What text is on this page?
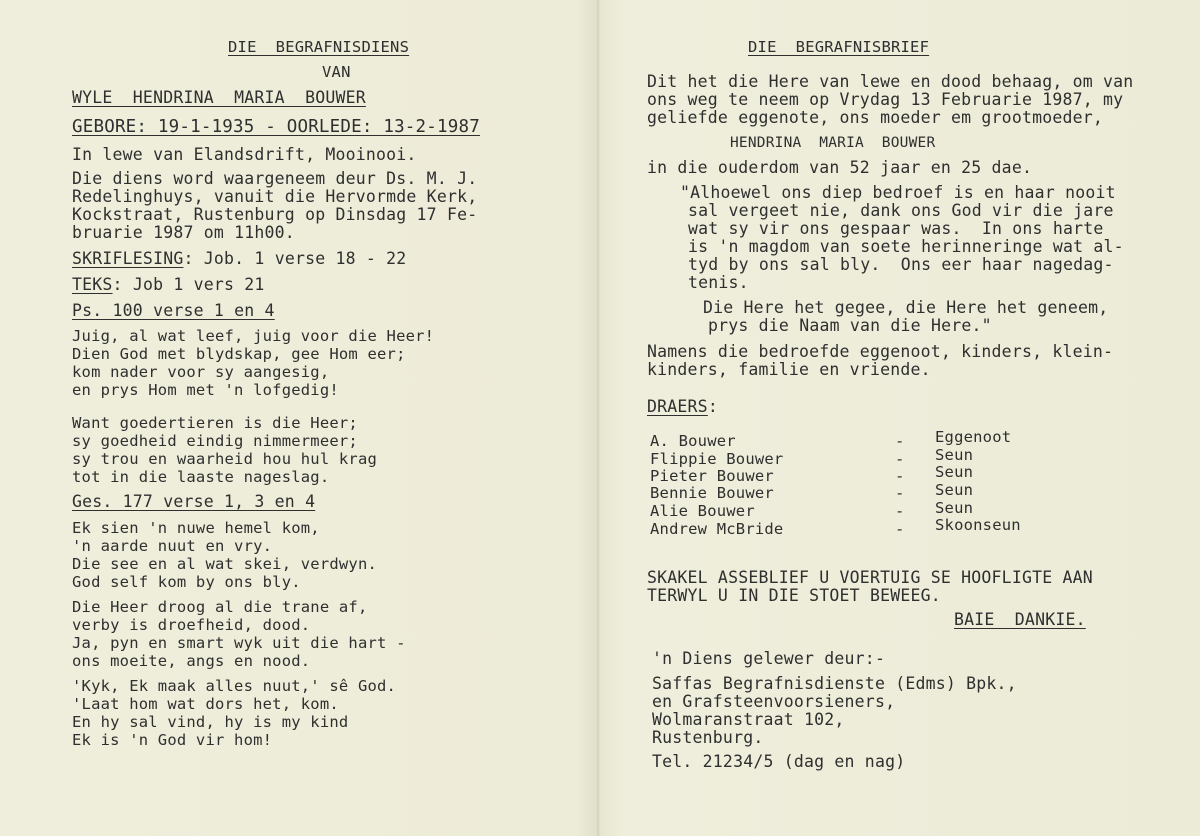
DIE  BEGRAFNISDIENS
VAN
WYLE  HENDRINA  MARIA  BOUWER
GEBORE: 19-1-1935 - OORLEDE: 13-2-1987
In lewe van Elandsdrift, Mooinooi.
Die diens word waargeneem deur Ds. M. J.
Redelinghuys, vanuit die Hervormde Kerk,
Kockstraat, Rustenburg op Dinsdag 17 Fe-
bruarie 1987 om 11h00.
SKRIFLESING: Job. 1 verse 18 - 22
TEKS: Job 1 vers 21
Ps. 100 verse 1 en 4
Juig, al wat leef, juig voor die Heer!
Dien God met blydskap, gee Hom eer;
kom nader voor sy aangesig,
en prys Hom met 'n lofgedig!
Want goedertieren is die Heer;
sy goedheid eindig nimmermeer;
sy trou en waarheid hou hul krag
tot in die laaste nageslag.
Ges. 177 verse 1, 3 en 4
Ek sien 'n nuwe hemel kom,
'n aarde nuut en vry.
Die see en al wat skei, verdwyn.
God self kom by ons bly.
Die Heer droog al die trane af,
verby is droefheid, dood.
Ja, pyn en smart wyk uit die hart -
ons moeite, angs en nood.
'Kyk, Ek maak alles nuut,' sê God.
'Laat hom wat dors het, kom.
En hy sal vind, hy is my kind
Ek is 'n God vir hom!
DIE  BEGRAFNISBRIEF
Dit het die Here van lewe en dood behaag, om van
ons weg te neem op Vrydag 13 Februarie 1987, my
geliefde eggenote, ons moeder em grootmoeder,
HENDRINA  MARIA  BOUWER
in die ouderdom van 52 jaar en 25 dae.
"Alhoewel ons diep bedroef is en haar nooit
sal vergeet nie, dank ons God vir die jare
wat sy vir ons gespaar was.  In ons harte
is 'n magdom van soete herinneringe wat al-
tyd by ons sal bly.  Ons eer haar nagedag-
tenis.
Die Here het gegee, die Here het geneem,
prys die Naam van die Here."
Namens die bedroefde eggenoot, kinders, klein-
kinders, familie en vriende.
DRAERS:
A. Bouwer	- Eggenoot
Flippie Bouwer	- Seun
Pieter Bouwer	- Seun
Bennie Bouwer	- Seun
Alie Bouwer	- Seun
Andrew McBride	- Skoonseun
SKAKEL ASSEBLIEF U VOERTUIG SE HOOFLIGTE AAN
TERWYL U IN DIE STOET BEWEEG.
BAIE  DANKIE.
'n Diens gelewer deur:-
Saffas Begrafnisdienste (Edms) Bpk.,
en Grafsteenvoorsieners,
Wolmaranstraat 102,
Rustenburg.
Tel. 21234/5 (dag en nag)
